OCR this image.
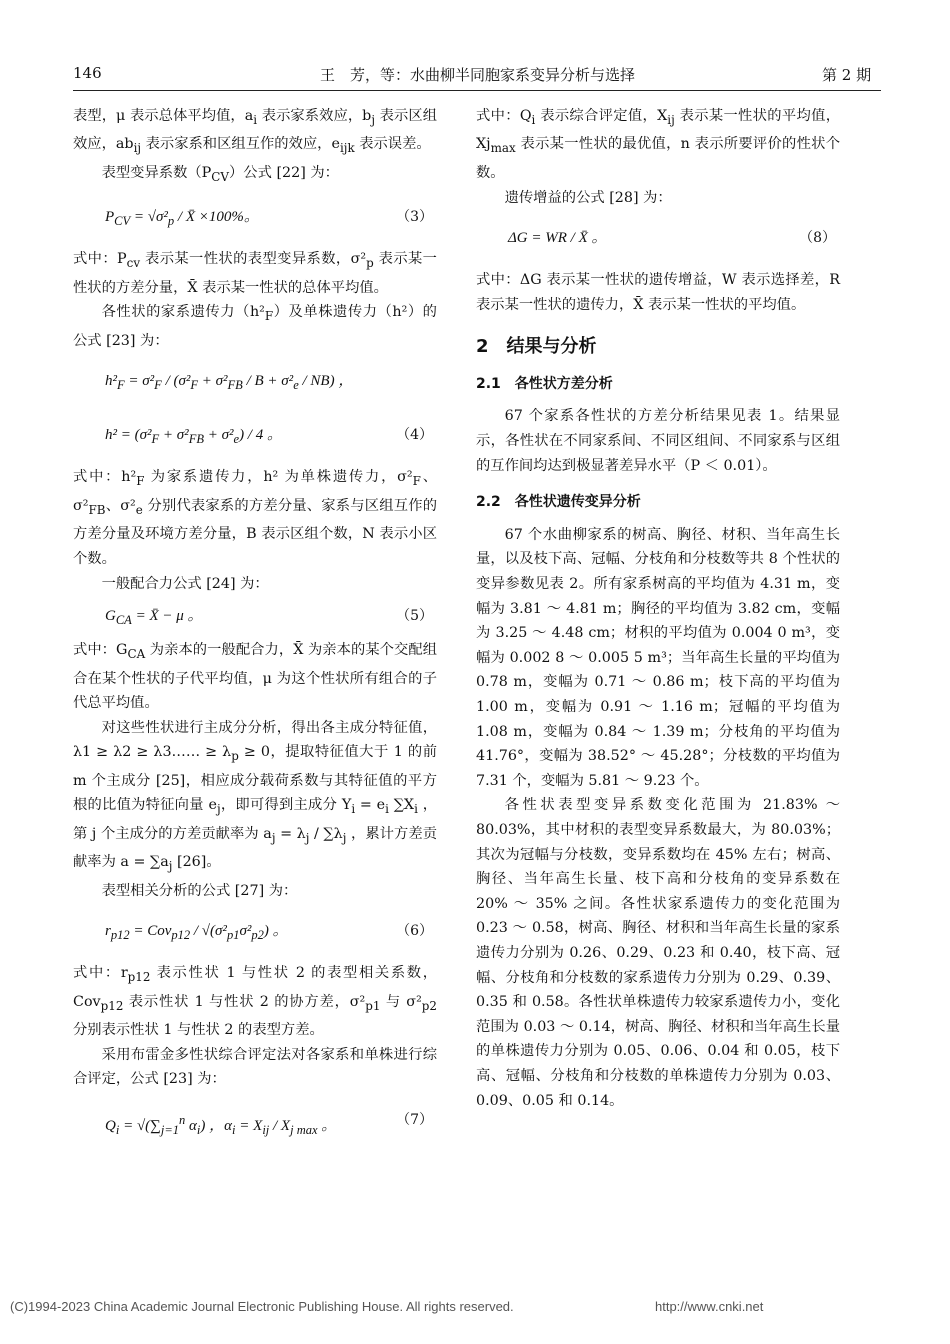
146	王　芳，等：水曲柳半同胞家系变异分析与选择	第 2 期

表型，μ 表示总体平均值，$a_i$ 表示家系效应，$b_j$ 表示区组效应，$ab_{ij}$ 表示家系和区组互作的效应，$e_{ijk}$ 表示误差。

表型变异系数$(P_{CV})$公式 [22] 为：

$P_{CV} = √\sigma^2_p$ / X̄ ×100%。	（3）

式中：$P_{cv}$ 表示某一性状的表型变异系数，$\sigma^2_p$ 表示某一性状的方差分量，X̄ 表示某一性状的总体平均值。

各性状的家系遗传力$(h^2_F)$及单株遗传力（h²）的公式 [23] 为：

$h^2_F = \sigma^2_F / (\sigma^2_F + \sigma^2_{FB} / B + \sigma^2_e / NB)$ ，
$h^2 = (\sigma^2_F + \sigma^2_{FB} + \sigma^2_e) / 4$ 。	（4）

式中：$h^2_F$ 为家系遗传力，h² 为单株遗传力，$\sigma^2_F$、$\sigma^2_{FB}$、$\sigma^2_e$ 分别代表家系的方差分量、家系与区组互作的方差分量及环境方差分量，B 表示区组个数，N 表示小区个数。

一般配合力公式 [24] 为：

$G_{CA}$ = X̄ − μ 。	（5）

式中：$G_{CA}$ 为亲本的一般配合力，X̄ 为亲本的某个交配组合在某个性状的子代平均值，μ 为这个性状所有组合的子代总平均值。

对这些性状进行主成分分析，得出各主成分特征值，λ1 ≥ λ2 ≥ λ3…… ≥ $\lambda_p \ge 0$，提取特征值大于 1 的前 m 个主成分 [25]，相应成分载荷系数与其特征值的平方根的比值为特征向量 $e_j$，即可得到主成分 $Y_i = e_i$ $\sum X_i$ ，第 j 个主成分的方差贡献率为 $a_j = \lambda_j / \sum\lambda_j$ ，累计方差贡献率为 $a = \sum a_j$ [26]。

表型相关分析的公式 [27] 为：

$r_{p12} = Cov_{p12} / √(\sigma^2_{p1}\sigma^2_{p2})$ 。	（6）

式中：$r_{p12}$ 表示性状 1 与性状 2 的表型相关系数，Cov$_{p12}$ 表示性状 1 与性状 2 的协方差，$\sigma^2_{p1}$ 与 $\sigma^2_{p2}$ 分别表示性状 1 与性状 2 的表型方差。

采用布雷金多性状综合评定法对各家系和单株进行综合评定，公式 [23] 为：

$Q_i = √(\sum_{j=1}^n$ $\alpha_i$) ，$\alpha_i = X_{ij} / X_{j max}$ 。	（7）

式中：$Q_i$ 表示综合评定值，$X_{ij}$ 表示某一性状的平均值，$Xj_{max}$ 表示某一性状的最优值，n 表示所要评价的性状个数。

遗传增益的公式 [28] 为：

ΔG = WR / X̄ 。	（8）

式中：ΔG 表示某一性状的遗传增益，W 表示选择差，R 表示某一性状的遗传力，X̄ 表示某一性状的平均值。

2　结果与分析
2.1　各性状方差分析

67 个家系各性状的方差分析结果见表 1。结果显示，各性状在不同家系间、不同区组间、不同家系与区组的互作间均达到极显著差异水平（P ＜ 0.01）。

2.2　各性状遗传变异分析

67 个水曲柳家系的树高、胸径、材积、当年高生长量，以及枝下高、冠幅、分枝角和分枝数等共 8 个性状的变异参数见表 2。所有家系树高的平均值为 4.31 m，变幅为 3.81 ～ 4.81 m；胸径的平均值为 3.82 cm，变幅为 3.25 ～ 4.48 cm；材积的平均值为 0.004 0 m³，变幅为 0.002 8 ～ 0.005 5 m³；当年高生长量的平均值为 0.78 m，变幅为 0.71 ～ 0.86 m；枝下高的平均值为 1.00 m，变幅为 0.91 ～ 1.16 m；冠幅的平均值为 1.08 m，变幅为 0.84 ～ 1.39 m；分枝角的平均值为 41.76°，变幅为 38.52° ～ 45.28°；分枝数的平均值为 7.31 个，变幅为 5.81 ～ 9.23 个。

各性状表型变异系数变化范围为 21.83% ～ 80.03%，其中材积的表型变异系数最大，为 80.03%；其次为冠幅与分枝数，变异系数均在 45% 左右；树高、胸径、当年高生长量、枝下高和分枝角的变异系数在 20% ～ 35% 之间。各性状家系遗传力的变化范围为 0.23 ～ 0.58，树高、胸径、材积和当年高生长量的家系遗传力分别为 0.26、0.29、0.23 和 0.40，枝下高、冠幅、分枝角和分枝数的家系遗传力分别为 0.29、0.39、0.35 和 0.58。各性状单株遗传力较家系遗传力小，变化范围为 0.03 ～ 0.14，树高、胸径、材积和当年高生长量的单株遗传力分别为 0.05、0.06、0.04 和 0.05，枝下高、冠幅、分枝角和分枝数的单株遗传力分别为 0.03、0.09、0.05 和 0.14。

(C)1994-2023 China Academic Journal Electronic Publishing House. All rights reserved.	http://www.cnki.net
